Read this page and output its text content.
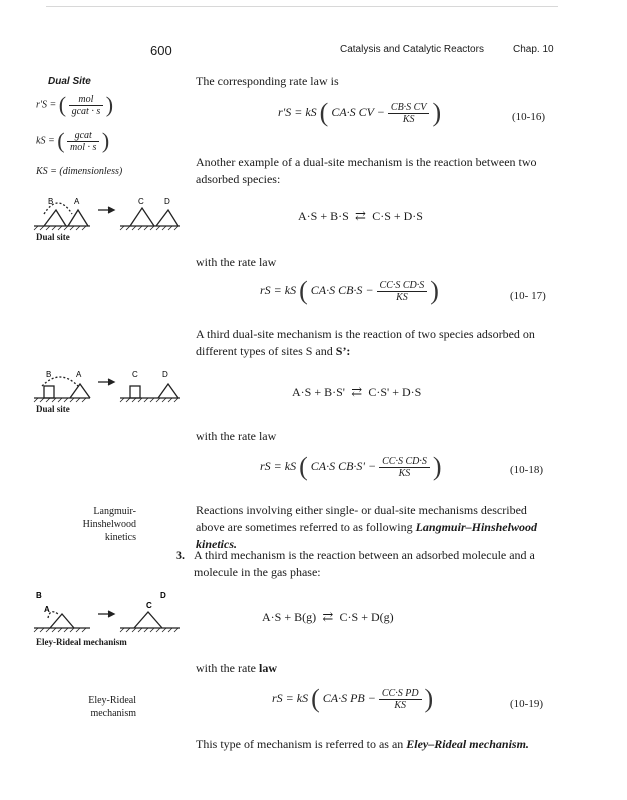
600	Catalysis and Catalytic Reactors	Chap. 10
Dual Site
r'S = ( $\frac{\text{mol}}{\text{gcat · s}}$ )
kS = ( $\frac{\text{gcat}}{\text{mol · s}}$ )
KS = (dimensionless)
B	A	C	D
Dual site
The corresponding rate law is
r'S = kS ( CA·S CV − $\frac{\text{CB·S CV}}{KS}$ )	(10-16)
Another example of a dual-site mechanism is the reaction between two adsorbed species:
A·S + B·S  ⇄  C·S + D·S
with the rate law
rS = kS ( CA·S $CB\cdot S - \frac{\text{CC·S CD·S}}{KS}$ )	(10- 17)
A third dual-site mechanism is the reaction of two species adsorbed on different types of sites S and S’:
B	A	C	D
Dual site
A·S + B·S'  ⇄  C·S' + D·S
with the rate law
rS = kS ( CA·S $CB\cdot S' - \frac{\text{CC·S CD·S}}{KS}$ )	(10-18)
Langmuir-
Hinshelwood
kinetics
Reactions involving either single- or dual-site mechanisms described above are sometimes referred to as following Langmuir–Hinshelwood kinetics.
3. A third mechanism is the reaction between an adsorbed molecule and a molecule in the gas phase:
B
A	C
D
Eley-Rideal mechanism
A·S + B(g)  ⇄  C·S + D(g)
with the rate law
Eley-Rideal
mechanism
rS = kS ( CA·S PB − $\frac{\text{CC·S PD}}{KS}$ )	(10-19)
This type of mechanism is referred to as an Eley–Rideal mechanism.
